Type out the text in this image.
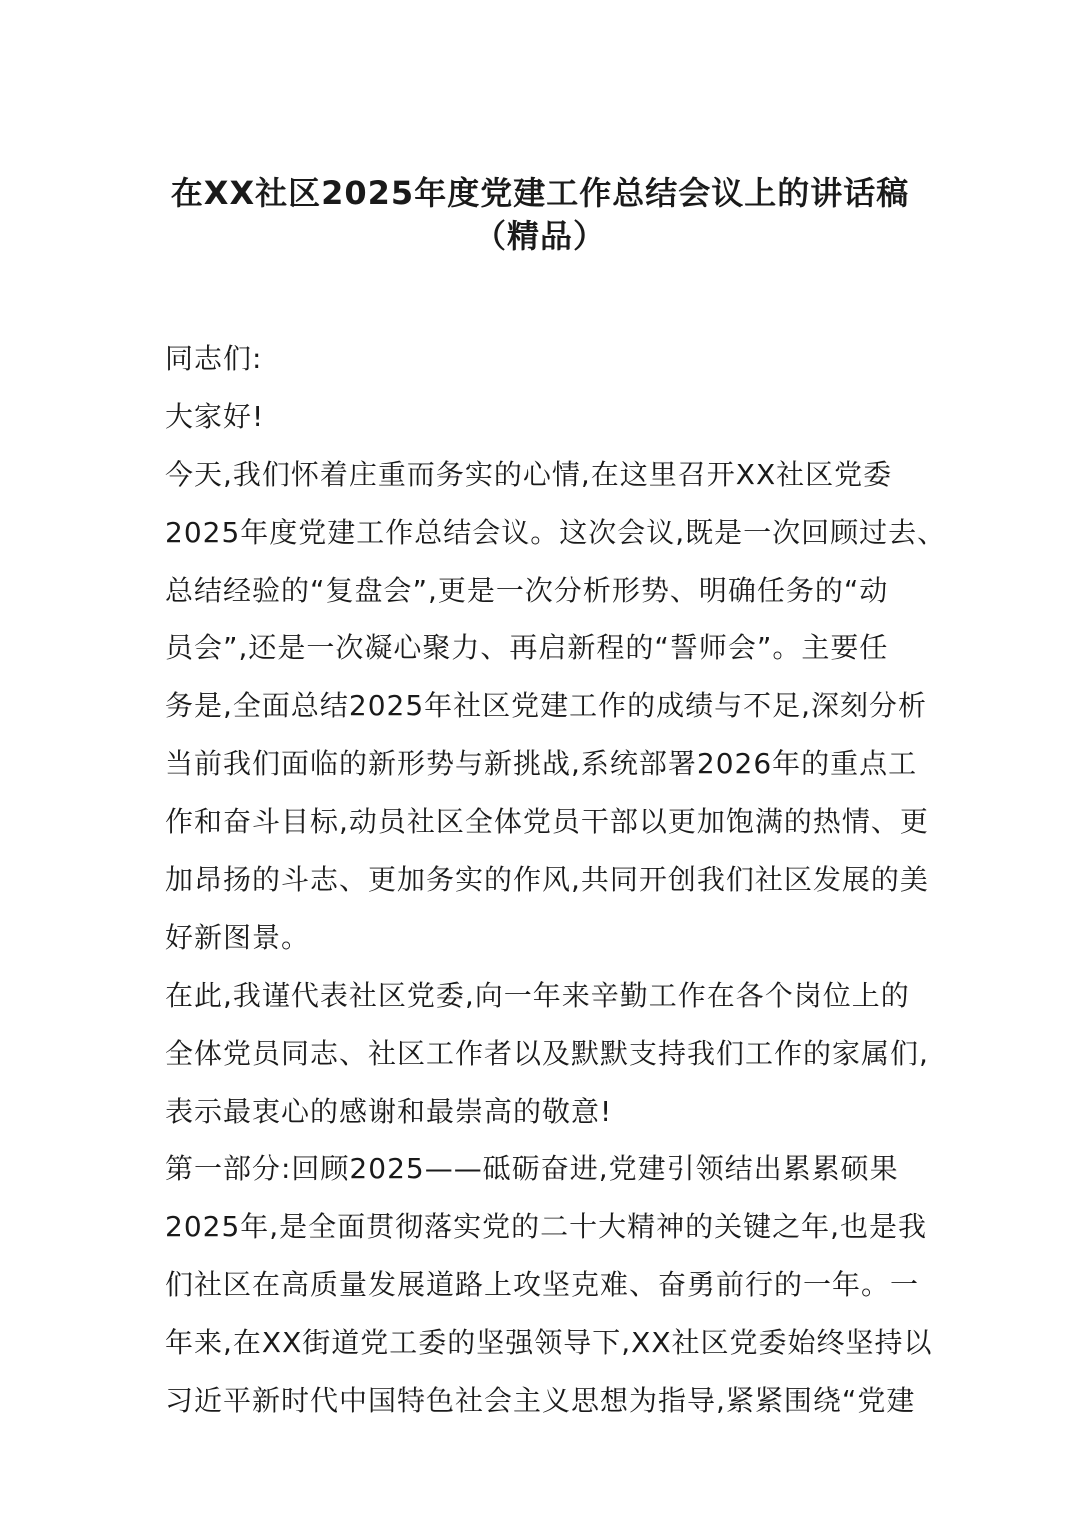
在XX社区2025年度党建工作总结会议上的讲话稿
（精品）
同志们:
大家好!
今天,我们怀着庄重而务实的心情,在这里召开XX社区党委
2025年度党建工作总结会议。这次会议,既是一次回顾过去、
总结经验的“复盘会”,更是一次分析形势、明确任务的“动
员会”,还是一次凝心聚力、再启新程的“誓师会”。主要任
务是,全面总结2025年社区党建工作的成绩与不足,深刻分析
当前我们面临的新形势与新挑战,系统部署2026年的重点工
作和奋斗目标,动员社区全体党员干部以更加饱满的热情、更
加昂扬的斗志、更加务实的作风,共同开创我们社区发展的美
好新图景。
在此,我谨代表社区党委,向一年来辛勤工作在各个岗位上的
全体党员同志、社区工作者以及默默支持我们工作的家属们,
表示最衷心的感谢和最崇高的敬意!
第一部分:回顾2025——砥砺奋进,党建引领结出累累硕果
2025年,是全面贯彻落实党的二十大精神的关键之年,也是我
们社区在高质量发展道路上攻坚克难、奋勇前行的一年。一
年来,在XX街道党工委的坚强领导下,XX社区党委始终坚持以
习近平新时代中国特色社会主义思想为指导,紧紧围绕“党建
